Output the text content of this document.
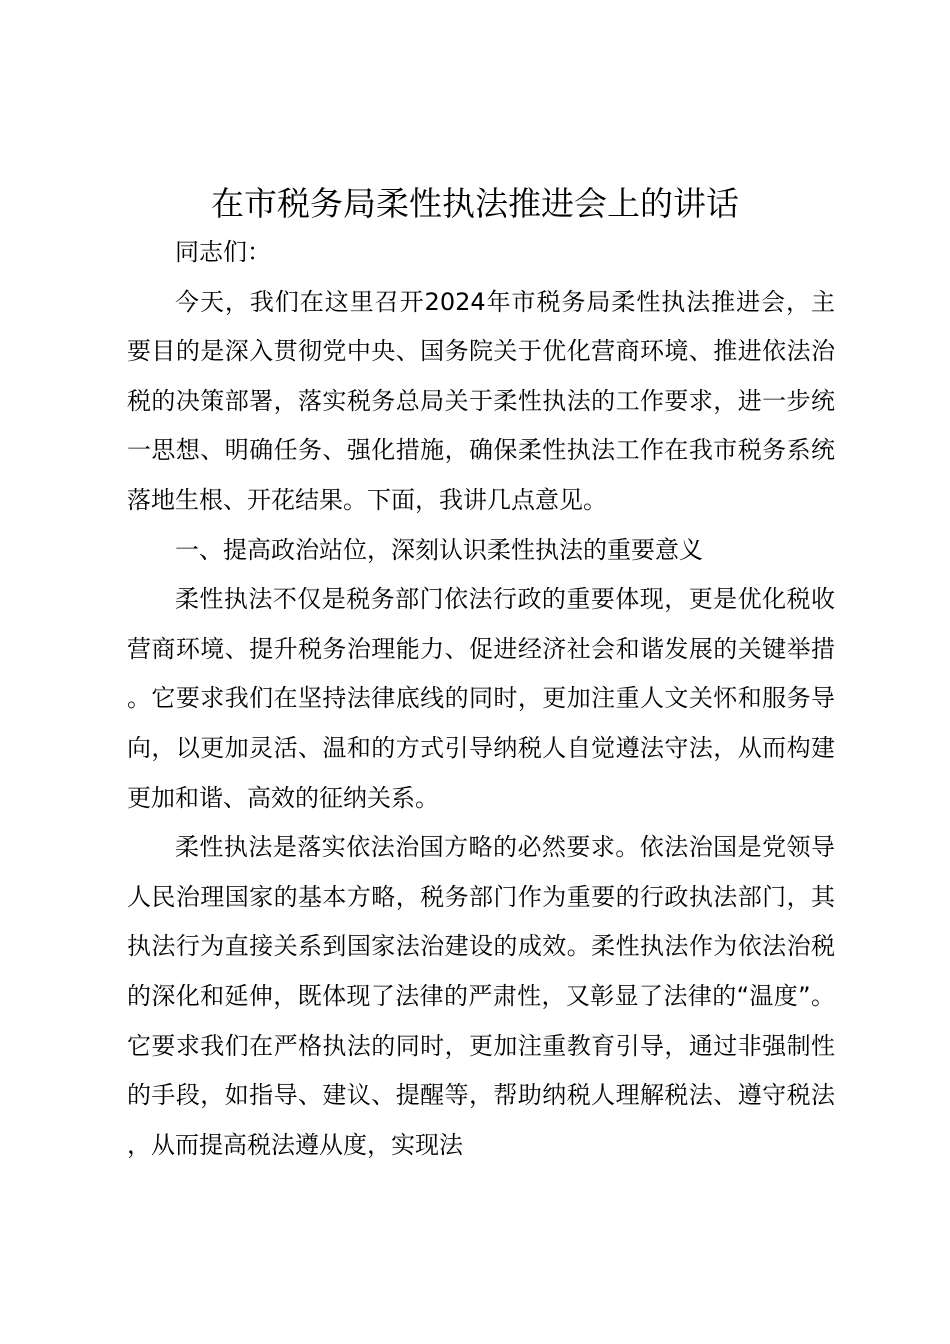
在市税务局柔性执法推进会上的讲话

同志们：

今天，我们在这里召开2024年市税务局柔性执法推进会，主要目的是深入贯彻党中央、国务院关于优化营商环境、推进依法治税的决策部署，落实税务总局关于柔性执法的工作要求，进一步统一思想、明确任务、强化措施，确保柔性执法工作在我市税务系统落地生根、开花结果。下面，我讲几点意见。

一、提高政治站位，深刻认识柔性执法的重要意义

柔性执法不仅是税务部门依法行政的重要体现，更是优化税收营商环境、提升税务治理能力、促进经济社会和谐发展的关键举措。它要求我们在坚持法律底线的同时，更加注重人文关怀和服务导向，以更加灵活、温和的方式引导纳税人自觉遵法守法，从而构建更加和谐、高效的征纳关系。

柔性执法是落实依法治国方略的必然要求。依法治国是党领导人民治理国家的基本方略，税务部门作为重要的行政执法部门，其执法行为直接关系到国家法治建设的成效。柔性执法作为依法治税的深化和延伸，既体现了法律的严肃性，又彰显了法律的“温度”。它要求我们在严格执法的同时，更加注重教育引导，通过非强制性的手段，如指导、建议、提醒等，帮助纳税人理解税法、遵守税法，从而提高税法遵从度，实现法
